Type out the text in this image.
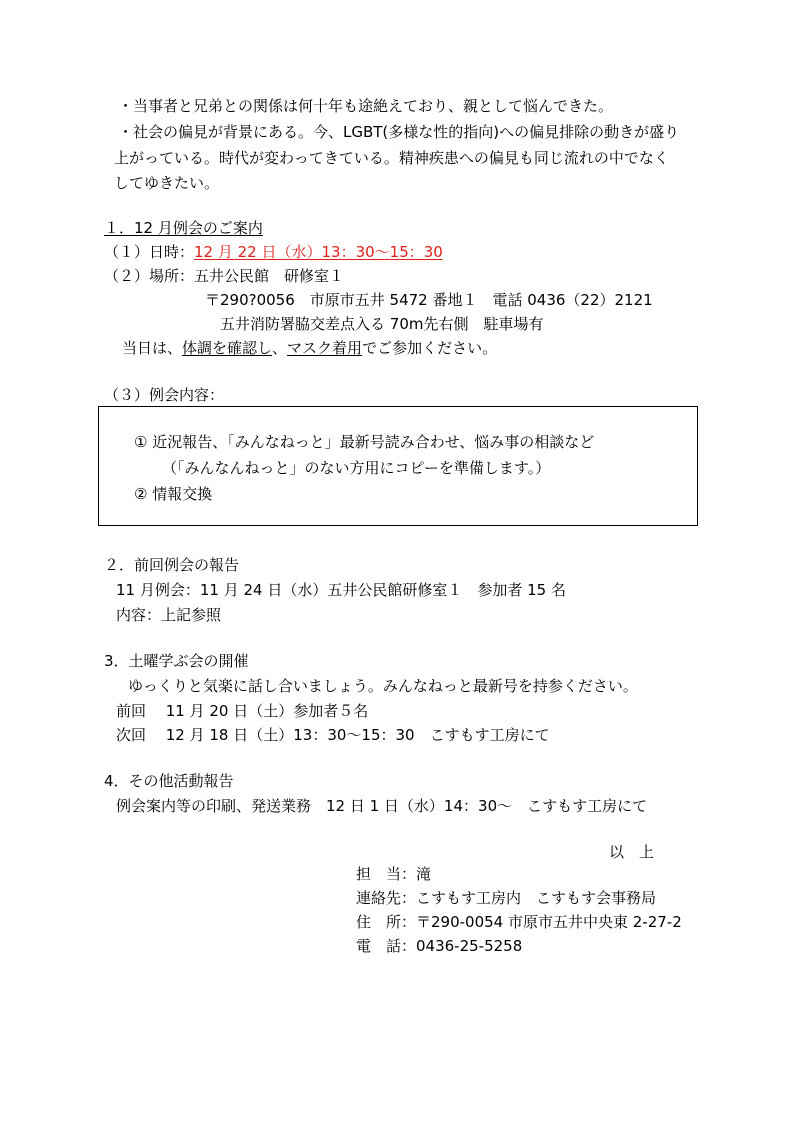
・当事者と兄弟との関係は何十年も途絶えており、親として悩んできた。
・社会の偏見が背景にある。今、LGBT(多様な性的指向)への偏見排除の動きが盛り
上がっている。時代が変わってきている。精神疾患への偏見も同じ流れの中でなく
してゆきたい。
１．12 月例会のご案内
（１）日時：12 月 22 日（水）13：30～15：30
（２）場所：五井公民館　研修室１
〒290?0056　市原市五井 5472 番地１　電話 0436（22）2121
五井消防署脇交差点入る 70m先右側　駐車場有
当日は、体調を確認し、マスク着用でご参加ください。
（３）例会内容：
① 近況報告、「みんなねっと」最新号読み合わせ、悩み事の相談など
（「みんなんねっと」のない方用にコピーを準備します。）
② 情報交換
２．前回例会の報告
11 月例会：11 月 24 日（水）五井公民館研修室１　参加者 15 名
内容：上記参照
3．土曜学ぶ会の開催
ゆっくりと気楽に話し合いましょう。みんなねっと最新号を持参ください。
前回　 11 月 20 日（土）参加者５名
次回　 12 月 18 日（土）13：30～15：30　こすもす工房にて
4．その他活動報告
例会案内等の印刷、発送業務　12 日 1 日（水）14：30～　こすもす工房にて
以　上
担　当：滝
連絡先：こすもす工房内　こすもす会事務局
住　所：〒290-0054 市原市五井中央東 2-27-2
電　話：0436-25-5258
